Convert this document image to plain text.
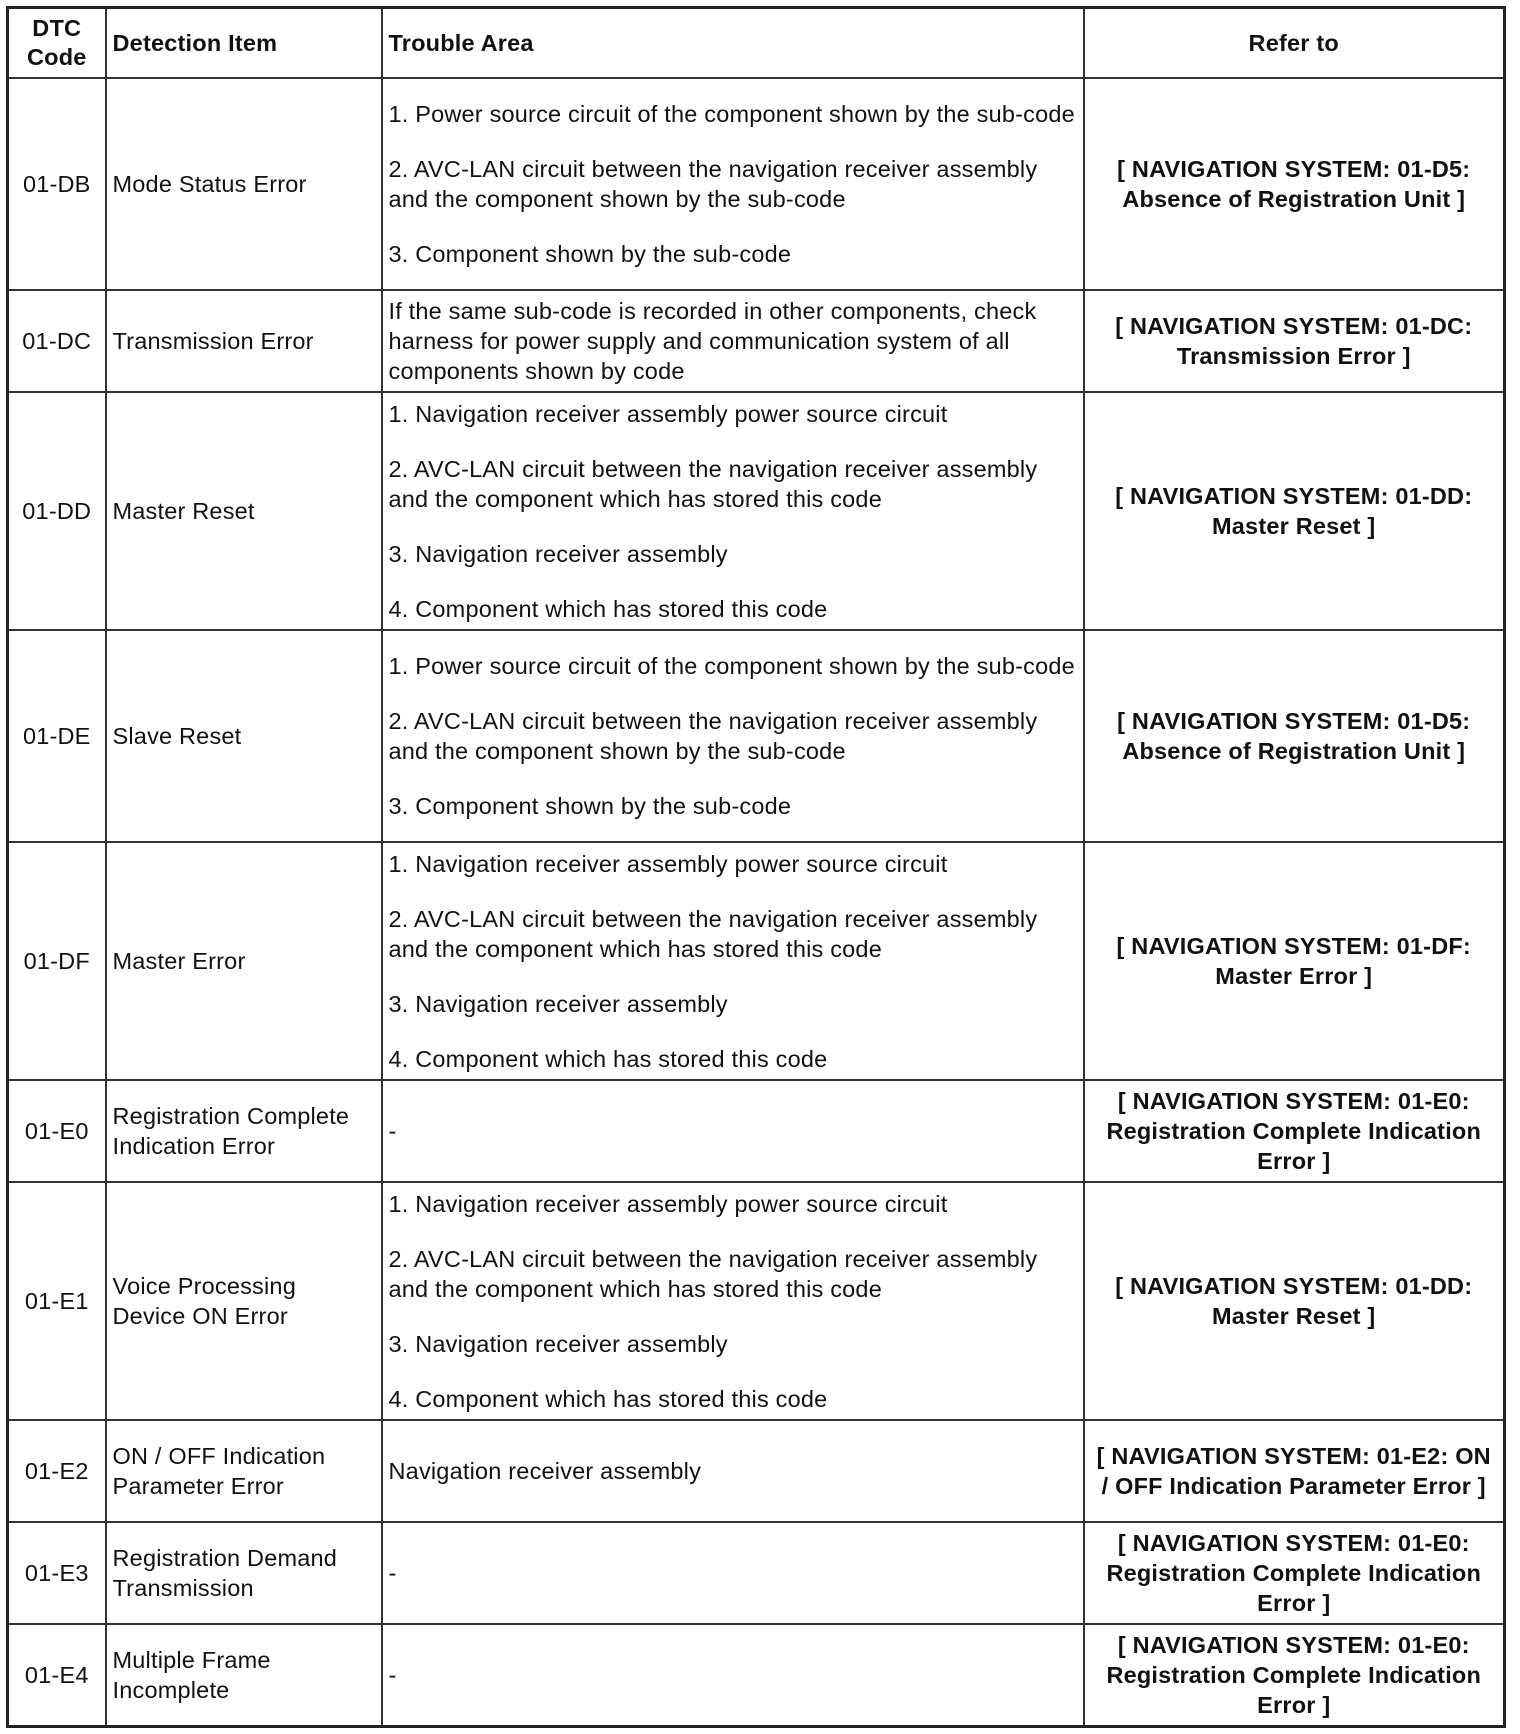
DTC
Code	Detection Item	Trouble Area	Refer to
01-DB	Mode Status Error	1. Power source circuit of the component shown by the sub-code

2. AVC-LAN circuit between the navigation receiver assembly and the component shown by the sub-code

3. Component shown by the sub-code	[ NAVIGATION SYSTEM: 01-D5: Absence of Registration Unit ]
01-DC	Transmission Error	If the same sub-code is recorded in other components, check harness for power supply and communication system of all components shown by code	[ NAVIGATION SYSTEM: 01-DC: Transmission Error ]
01-DD	Master Reset	1. Navigation receiver assembly power source circuit

2. AVC-LAN circuit between the navigation receiver assembly and the component which has stored this code

3. Navigation receiver assembly

4. Component which has stored this code	[ NAVIGATION SYSTEM: 01-DD: Master Reset ]
01-DE	Slave Reset	1. Power source circuit of the component shown by the sub-code

2. AVC-LAN circuit between the navigation receiver assembly and the component shown by the sub-code

3. Component shown by the sub-code	[ NAVIGATION SYSTEM: 01-D5: Absence of Registration Unit ]
01-DF	Master Error	1. Navigation receiver assembly power source circuit

2. AVC-LAN circuit between the navigation receiver assembly and the component which has stored this code

3. Navigation receiver assembly

4. Component which has stored this code	[ NAVIGATION SYSTEM: 01-DF: Master Error ]
01-E0	Registration Complete Indication Error	-	[ NAVIGATION SYSTEM: 01-E0: Registration Complete Indication Error ]
01-E1	Voice Processing Device ON Error	1. Navigation receiver assembly power source circuit

2. AVC-LAN circuit between the navigation receiver assembly and the component which has stored this code

3. Navigation receiver assembly

4. Component which has stored this code	[ NAVIGATION SYSTEM: 01-DD: Master Reset ]
01-E2	ON / OFF Indication Parameter Error	Navigation receiver assembly	[ NAVIGATION SYSTEM: 01-E2: ON / OFF Indication Parameter Error ]
01-E3	Registration Demand Transmission	-	[ NAVIGATION SYSTEM: 01-E0: Registration Complete Indication Error ]
01-E4	Multiple Frame Incomplete	-	[ NAVIGATION SYSTEM: 01-E0: Registration Complete Indication Error ]
